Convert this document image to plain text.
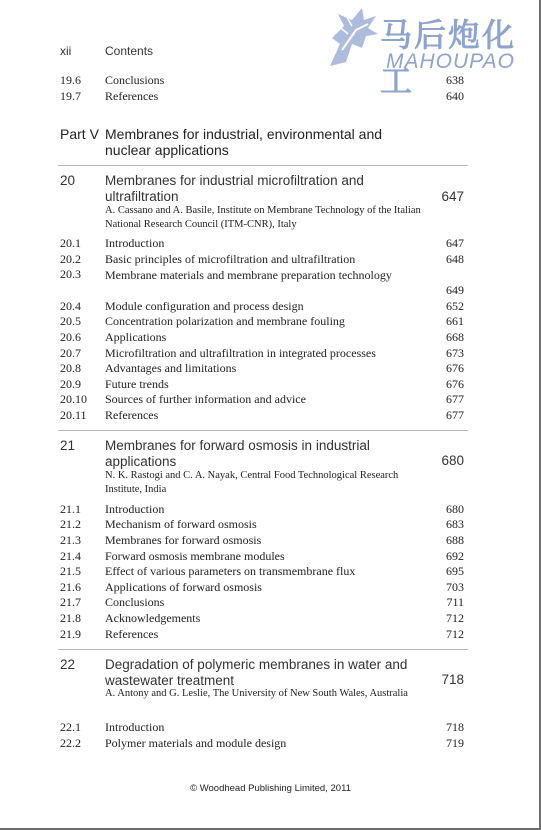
马后炮化工
MAHOUPAO
xii	Contents
19.6 Conclusions	638
19.7 References	640
Part V Membranes for industrial, environmental and nuclear applications
20 Membranes for industrial microfiltration and ultrafiltration	647
A. Cassano and A. Basile, Institute on Membrane Technology of the Italian National Research Council (ITM-CNR), Italy
20.1 Introduction	647
20.2 Basic principles of microfiltration and ultrafiltration	648
20.3 Membrane materials and membrane preparation technology
649
20.4 Module configuration and process design	652
20.5 Concentration polarization and membrane fouling	661
20.6 Applications	668
20.7 Microfiltration and ultrafiltration in integrated processes	673
20.8 Advantages and limitations	676
20.9 Future trends	676
20.10 Sources of further information and advice	677
20.11 References	677
21 Membranes for forward osmosis in industrial applications	680
N. K. Rastogi and C. A. Nayak, Central Food Technological Research Institute, India
21.1 Introduction	680
21.2 Mechanism of forward osmosis	683
21.3 Membranes for forward osmosis	688
21.4 Forward osmosis membrane modules	692
21.5 Effect of various parameters on transmembrane flux	695
21.6 Applications of forward osmosis	703
21.7 Conclusions	711
21.8 Acknowledgements	712
21.9 References	712
22 Degradation of polymeric membranes in water and wastewater treatment	718
A. Antony and G. Leslie, The University of New South Wales, Australia
22.1 Introduction	718
22.2 Polymer materials and module design	719
© Woodhead Publishing Limited, 2011
